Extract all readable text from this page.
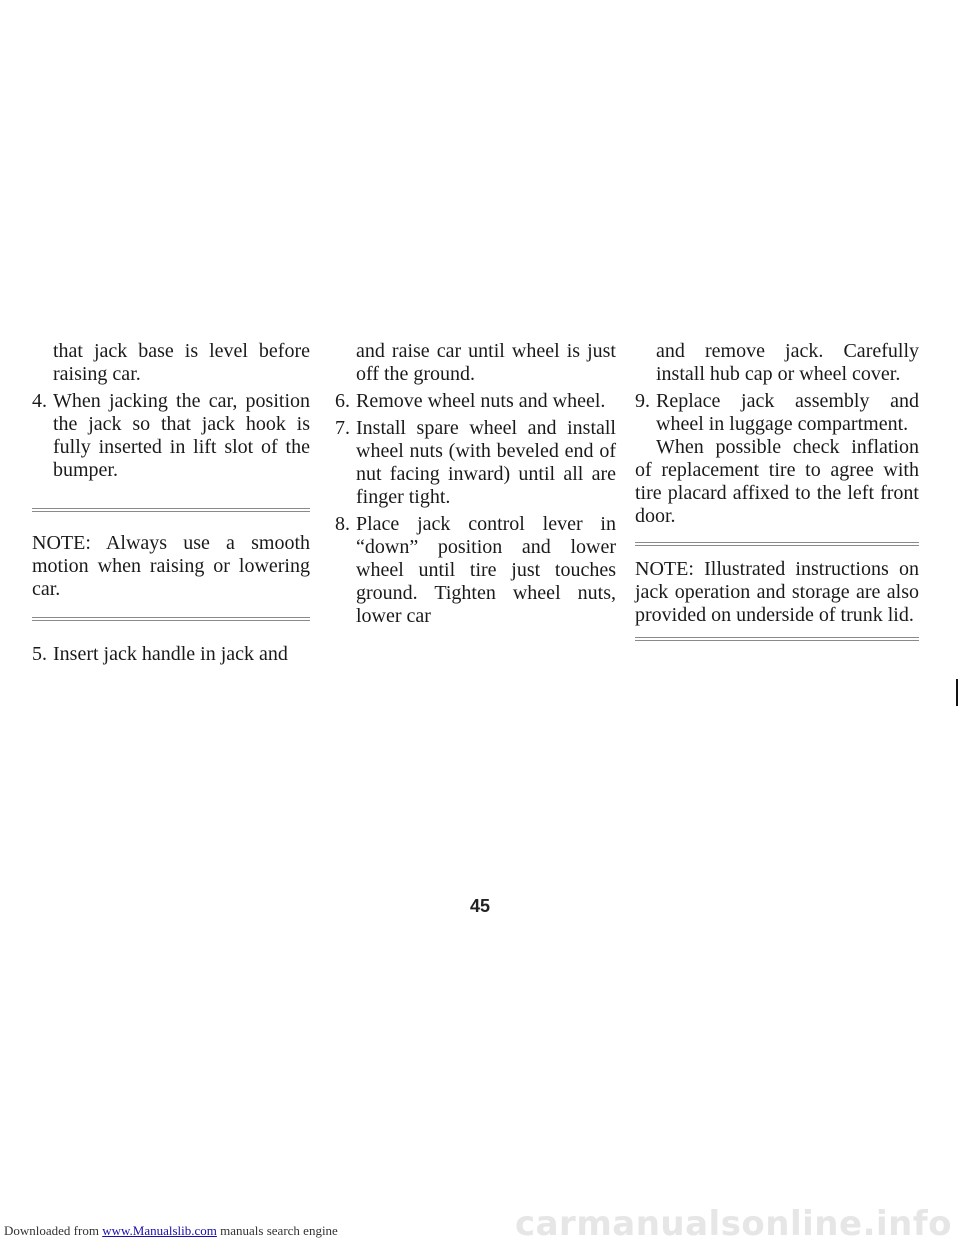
that jack base is level before raising car.

4. When jacking the car, position the jack so that jack hook is fully inserted in lift slot of the bumper.

NOTE: Always use a smooth motion when raising or lowering car.

5. Insert jack handle in jack and

and raise car until wheel is just off the ground.

6. Remove wheel nuts and wheel.
7. Install spare wheel and install wheel nuts (with beveled end of nut facing inward) until all are finger tight.
8. Place jack control lever in “down” position and lower wheel until tire just touches ground. Tighten wheel nuts, lower car

and remove jack. Carefully install hub cap or wheel cover.

9. Replace jack assembly and wheel in luggage compartment.

When possible check inflation of replacement tire to agree with tire placard affixed to the left front door.

NOTE: Illustrated instructions on jack operation and storage are also provided on underside of trunk lid.

45
carmanualsonline.info
Downloaded from www.Manualslib.com manuals search engine
